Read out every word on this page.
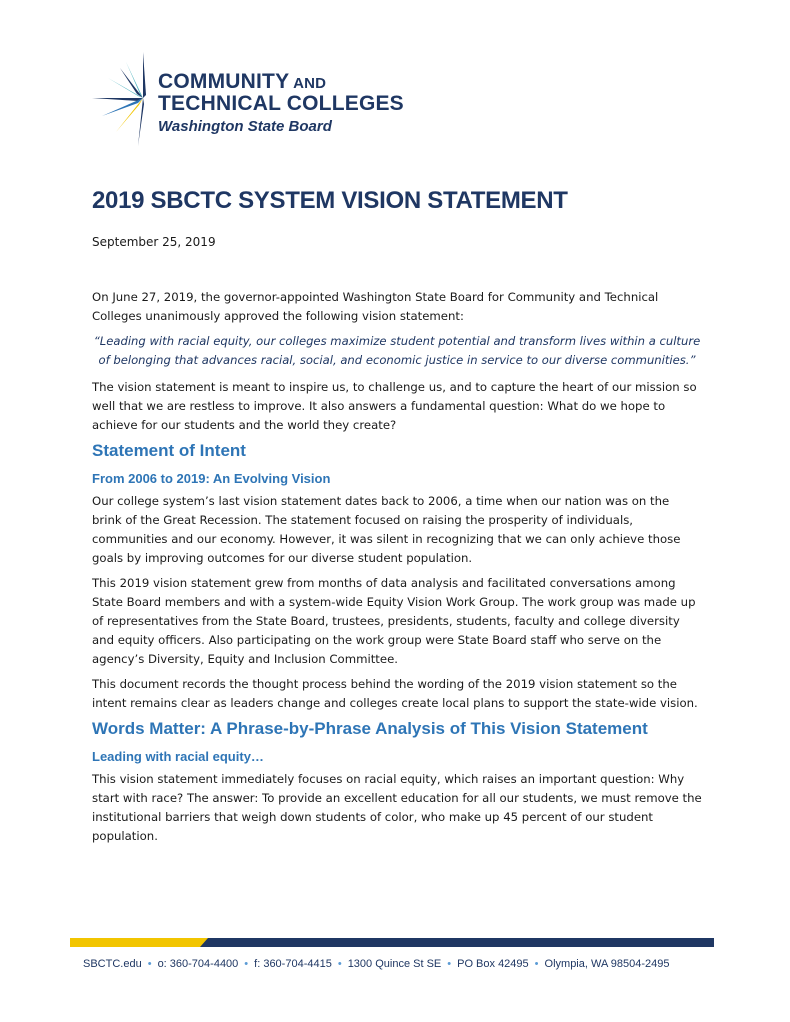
COMMUNITY AND
TECHNICAL COLLEGES
Washington State Board
2019 SBCTC SYSTEM VISION STATEMENT
September 25, 2019

On June 27, 2019, the governor-appointed Washington State Board for Community and Technical Colleges unanimously approved the following vision statement:

“Leading with racial equity, our colleges maximize student potential and transform lives within a culture of belonging that advances racial, social, and economic justice in service to our diverse communities.”

The vision statement is meant to inspire us, to challenge us, and to capture the heart of our mission so well that we are restless to improve. It also answers a fundamental question: What do we hope to achieve for our students and the world they create?

Statement of Intent
From 2006 to 2019: An Evolving Vision

Our college system’s last vision statement dates back to 2006, a time when our nation was on the brink of the Great Recession. The statement focused on raising the prosperity of individuals, communities and our economy. However, it was silent in recognizing that we can only achieve those goals by improving outcomes for our diverse student population.

This 2019 vision statement grew from months of data analysis and facilitated conversations among State Board members and with a system-wide Equity Vision Work Group. The work group was made up of representatives from the State Board, trustees, presidents, students, faculty and college diversity and equity officers. Also participating on the work group were State Board staff who serve on the agency’s Diversity, Equity and Inclusion Committee.

This document records the thought process behind the wording of the 2019 vision statement so the intent remains clear as leaders change and colleges create local plans to support the state-wide vision.

Words Matter: A Phrase-by-Phrase Analysis of This Vision Statement
Leading with racial equity…

This vision statement immediately focuses on racial equity, which raises an important question: Why start with race? The answer: To provide an excellent education for all our students, we must remove the institutional barriers that weigh down students of color, who make up 45 percent of our student population.

SBCTC.edu • o: 360-704-4400 • f: 360-704-4415 • 1300 Quince St SE • PO Box 42495 • Olympia, WA 98504-2495
